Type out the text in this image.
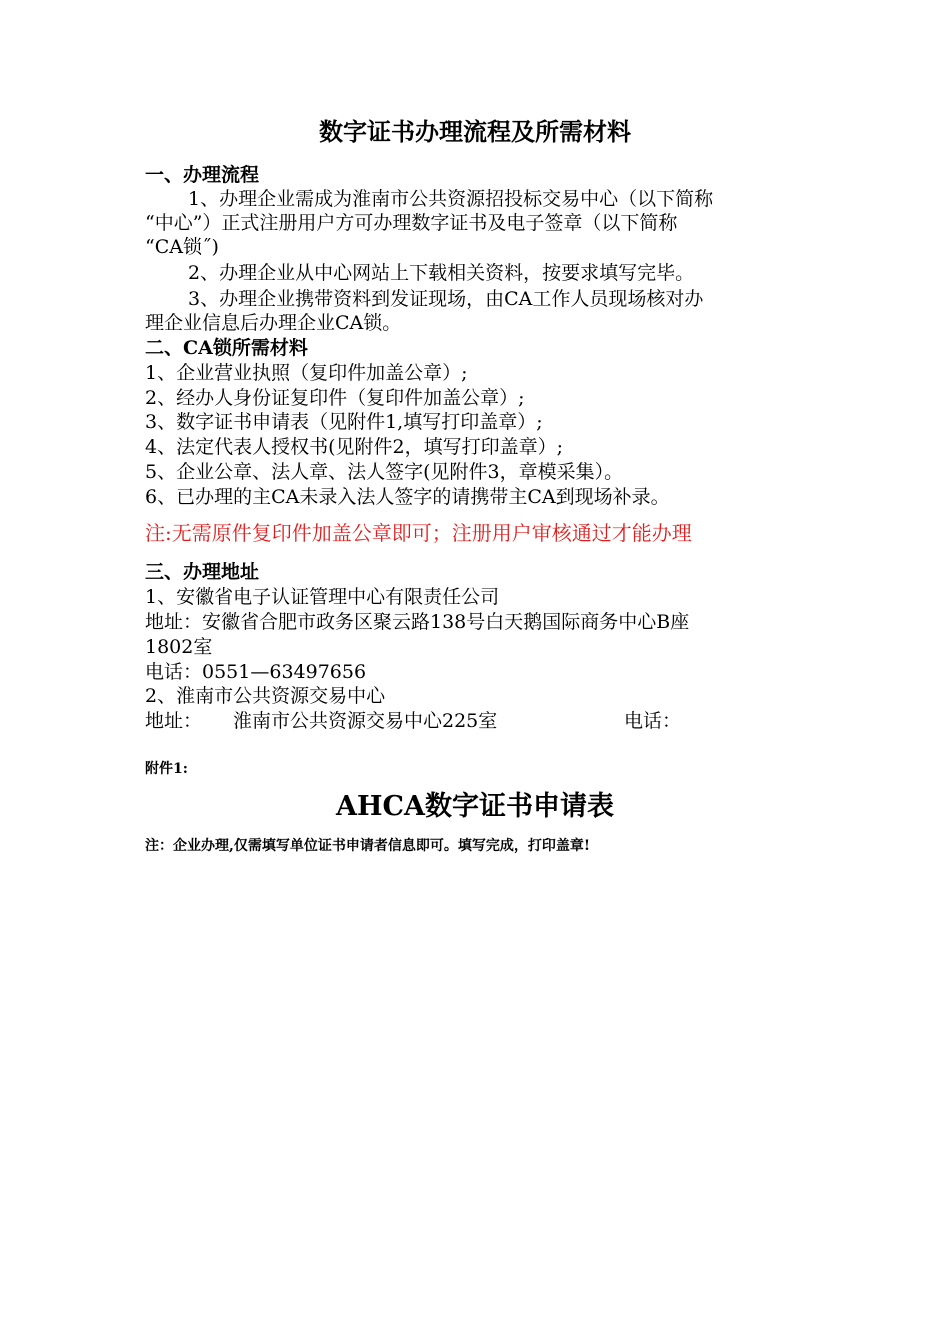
数字证书办理流程及所需材料
一、办理流程
1、办理企业需成为淮南市公共资源招投标交易中心（以下简称
“中心”）正式注册用户方可办理数字证书及电子签章（以下简称
“CA锁˝)
2、办理企业从中心网站上下载相关资料，按要求填写完毕。
3、办理企业携带资料到发证现场，由CA工作人员现场核对办
理企业信息后办理企业CA锁。
二、CA锁所需材料
1、企业营业执照（复印件加盖公章）;
2、经办人身份证复印件（复印件加盖公章）;
3、数字证书申请表（见附件1,填写打印盖章）;
4、法定代表人授权书(见附件2，填写打印盖章）;
5、企业公章、法人章、法人签字(见附件3，章模采集）。
6、已办理的主CA未录入法人签字的请携带主CA到现场补录。
注:无需原件复印件加盖公章即可；注册用户审核通过才能办理
三、办理地址
1、安徽省电子认证管理中心有限责任公司
地址：安徽省合肥市政务区聚云路138号白天鹅国际商务中心B座
1802室
电话：0551—63497656
2、淮南市公共资源交易中心
地址： 淮南市公共资源交易中心225室	电话：
附件1:
AHCA数字证书申请表
注：企业办理,仅需填写单位证书申请者信息即可。填写完成，打印盖章!
